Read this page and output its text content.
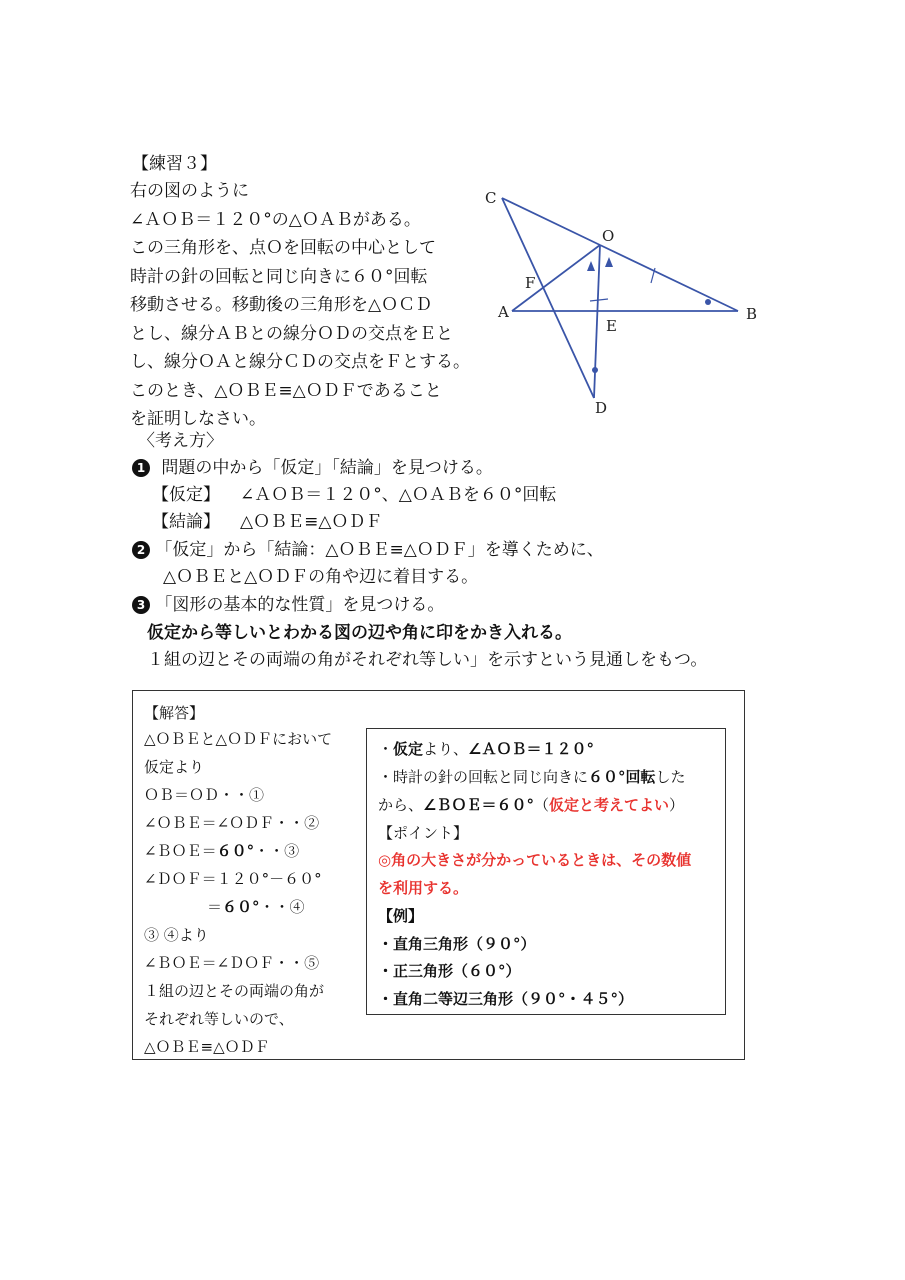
【練習３】
右の図のように
∠ＡＯＢ＝１２０°の△ＯＡＢがある。
この三角形を、点Ｏを回転の中心として
時計の針の回転と同じ向きに６０°回転
移動させる。移動後の三角形を△ＯＣＤ
とし、線分ＡＢとの線分ＯＤの交点をＥと
し、線分ＯＡと線分ＣＤの交点をＦとする。
このとき、△ＯＢＥ≡△ＯＤＦであること
を証明しなさい。
C
O
F
A
E
B
D
〈考え方〉
1 問題の中から「仮定」「結論」を見つける。
【仮定】 ∠ＡＯＢ＝１２０°、△ＯＡＢを６０°回転
【結論】 △ＯＢＥ≡△ＯＤＦ
2 「仮定」から「結論：△ＯＢＥ≡△ＯＤＦ」を導くために、
△ＯＢＥと△ＯＤＦの角や辺に着目する。
3 「図形の基本的な性質」を見つける。
仮定から等しいとわかる図の辺や角に印をかき入れる。
１組の辺とその両端の角がそれぞれ等しい」を示すという見通しをもつ。
【解答】
△ＯＢＥと△ＯＤＦにおいて
仮定より
ＯＢ＝ＯＤ・・①
∠ＯＢＥ＝∠ＯＤＦ・・②
∠ＢＯＥ＝６０°・・③
∠ＤＯＦ＝１２０°－６０°
＝６０°・・④
③ ④より
∠ＢＯＥ＝∠ＤＯＦ・・⑤
１組の辺とその両端の角が
それぞれ等しいので、
△ＯＢＥ≡△ＯＤＦ
・仮定より、∠ＡＯＢ＝１２０°
・時計の針の回転と同じ向きに６０°回転した
から、∠ＢＯＥ＝６０°（仮定と考えてよい）
【ポイント】
◎角の大きさが分かっているときは、その数値
を利用する。
【例】
・直角三角形（９０°）
・正三角形（６０°）
・直角二等辺三角形（９０°・４５°）
